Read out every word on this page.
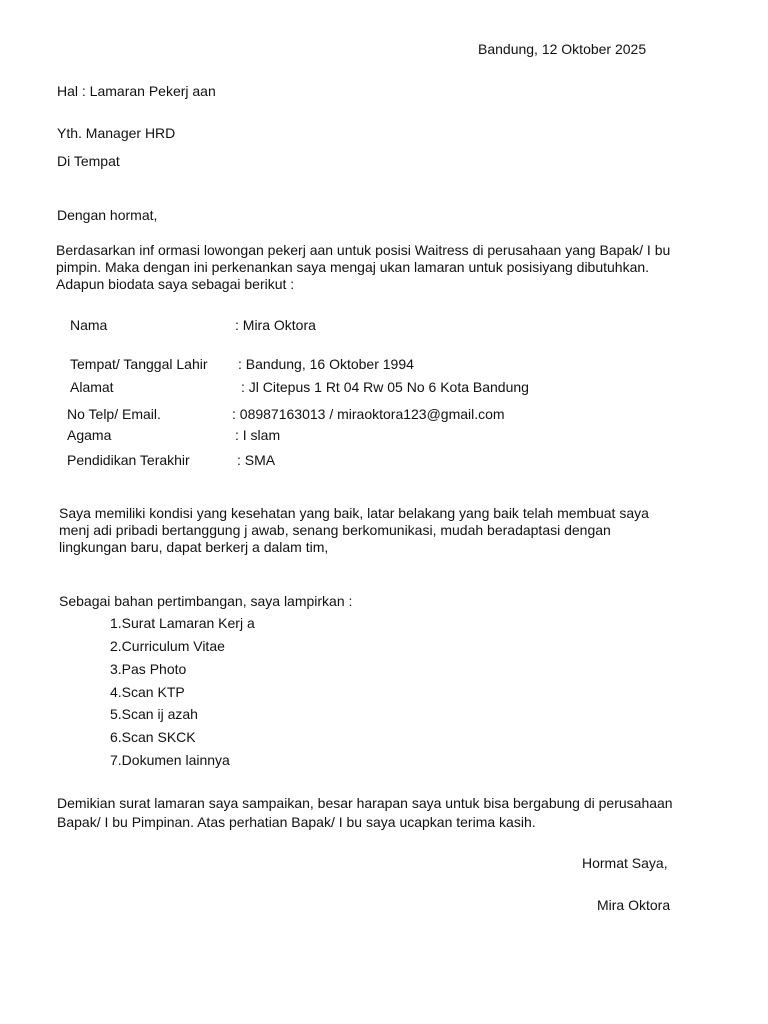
Bandung, 12 Oktober 2025
Hal : Lamaran Pekerj aan
Yth. Manager HRD
Di Tempat
Dengan hormat,
Berdasarkan inf ormasi lowongan pekerj aan untuk posisi Waitress di perusahaan yang Bapak/ I bu
pimpin. Maka dengan ini perkenankan saya mengaj ukan lamaran untuk posisiyang dibutuhkan.
Adapun biodata saya sebagai berikut :
Nama	: Mira Oktora
Tempat/ Tanggal Lahir : Bandung, 16 Oktober 1994
Alamat	: Jl Citepus 1 Rt 04 Rw 05 No 6 Kota Bandung
No Telp/ Email.	: 08987163013 / miraoktora123@gmail.com
Agama	: I slam
Pendidikan Terakhir	: SMA
Saya memiliki kondisi yang kesehatan yang baik, latar belakang yang baik telah membuat saya
menj adi pribadi bertanggung j awab, senang berkomunikasi, mudah beradaptasi dengan
lingkungan baru, dapat berkerj a dalam tim,
Sebagai bahan pertimbangan, saya lampirkan :
1.Surat Lamaran Kerj a
2.Curriculum Vitae
3.Pas Photo
4.Scan KTP
5.Scan ij azah
6.Scan SKCK
7.Dokumen lainnya
Demikian surat lamaran saya sampaikan, besar harapan saya untuk bisa bergabung di perusahaan
Bapak/ I bu Pimpinan. Atas perhatian Bapak/ I bu saya ucapkan terima kasih.
Hormat Saya,
Mira Oktora
